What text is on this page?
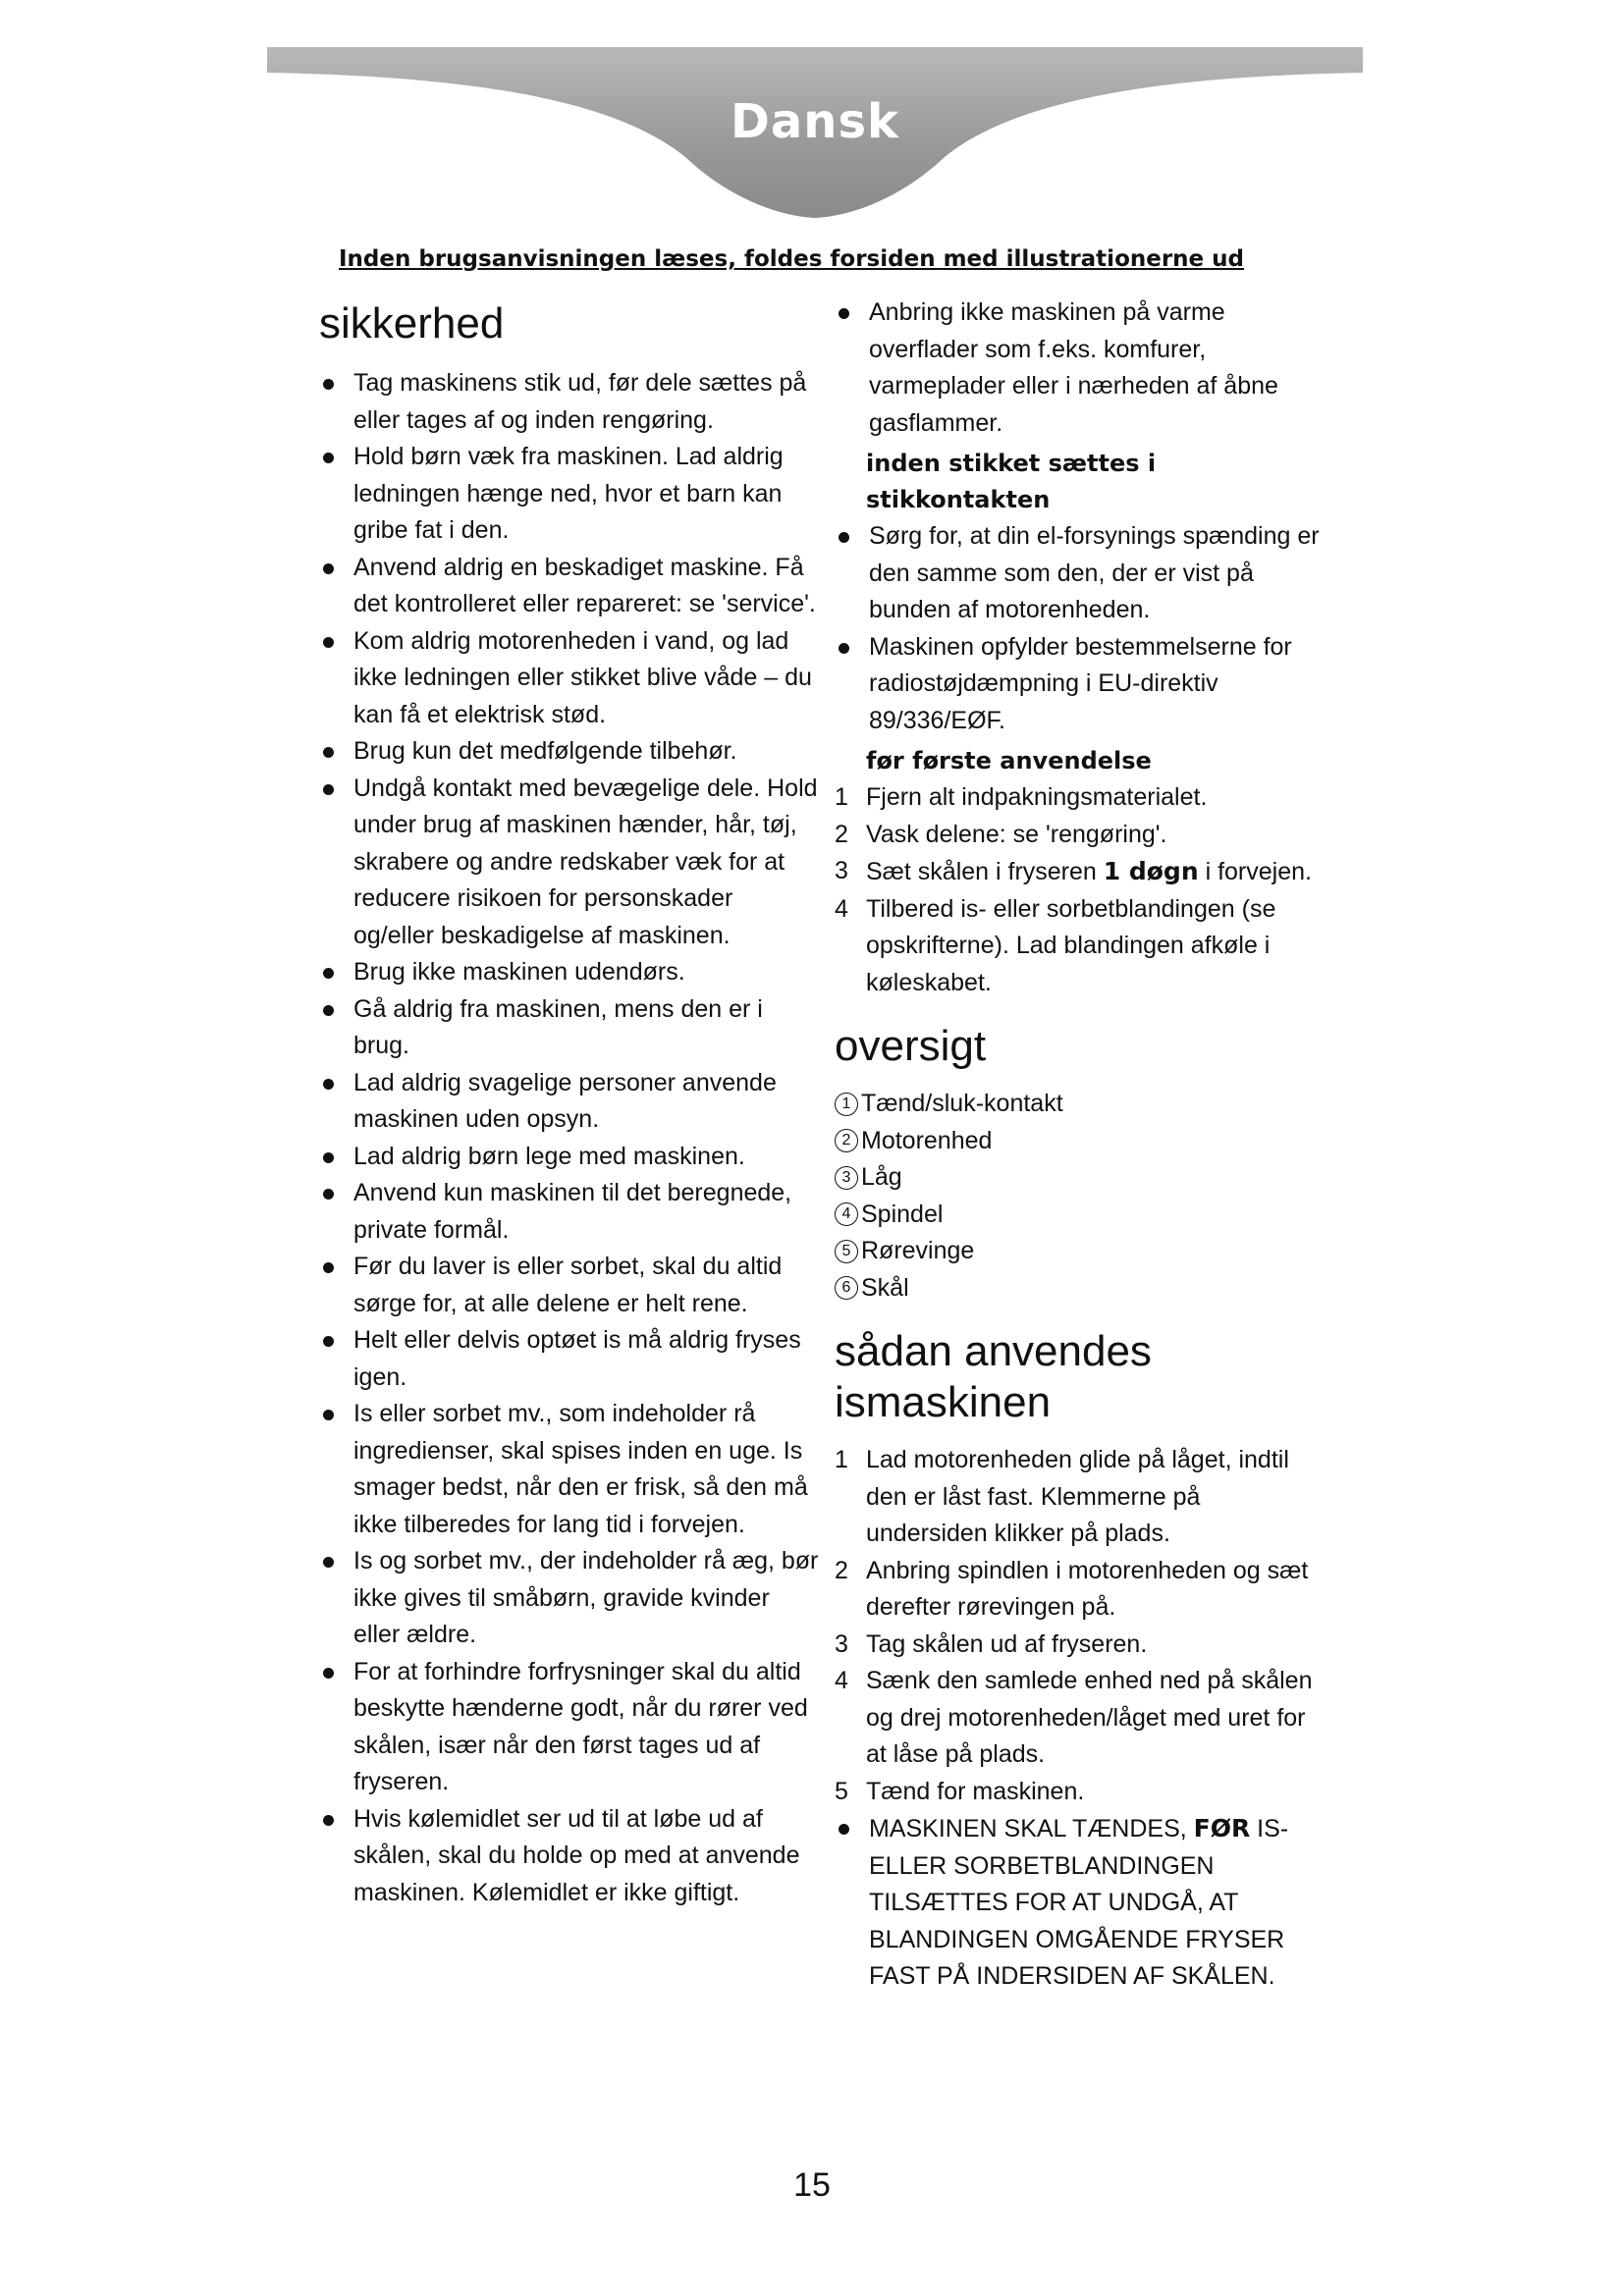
Dansk
Inden brugsanvisningen læses, foldes forsiden med illustrationerne ud
sikkerhed
Tag maskinens stik ud, før dele sættes på eller tages af og inden rengøring.
Hold børn væk fra maskinen. Lad aldrig ledningen hænge ned, hvor et barn kan gribe fat i den.
Anvend aldrig en beskadiget maskine. Få det kontrolleret eller repareret: se 'service'.
Kom aldrig motorenheden i vand, og lad ikke ledningen eller stikket blive våde – du kan få et elektrisk stød.
Brug kun det medfølgende tilbehør.
Undgå kontakt med bevægelige dele. Hold under brug af maskinen hænder, hår, tøj, skrabere og andre redskaber væk for at reducere risikoen for personskader og/eller beskadigelse af maskinen.
Brug ikke maskinen udendørs.
Gå aldrig fra maskinen, mens den er i brug.
Lad aldrig svagelige personer anvende maskinen uden opsyn.
Lad aldrig børn lege med maskinen.
Anvend kun maskinen til det beregnede, private formål.
Før du laver is eller sorbet, skal du altid sørge for, at alle delene er helt rene.
Helt eller delvis optøet is må aldrig fryses igen.
Is eller sorbet mv., som indeholder rå ingredienser, skal spises inden en uge. Is smager bedst, når den er frisk, så den må ikke tilberedes for lang tid i forvejen.
Is og sorbet mv., der indeholder rå æg, bør ikke gives til småbørn, gravide kvinder eller ældre.
For at forhindre forfrysninger skal du altid beskytte hænderne godt, når du rører ved skålen, især når den først tages ud af fryseren.
Hvis kølemidlet ser ud til at løbe ud af skålen, skal du holde op med at anvende maskinen. Kølemidlet er ikke giftigt.
Anbring ikke maskinen på varme overflader som f.eks. komfurer, varmeplader eller i nærheden af åbne gasflammer.
inden stikket sættes i stikkontakten
Sørg for, at din el-forsynings spænding er den samme som den, der er vist på bunden af motorenheden.
Maskinen opfylder bestemmelserne for radiostøjdæmpning i EU-direktiv 89/336/EØF.
før første anvendelse
1 Fjern alt indpakningsmaterialet.
2 Vask delene: se 'rengøring'.
3 Sæt skålen i fryseren 1 døgn i forvejen.
4 Tilbered is- eller sorbetblandingen (se opskrifterne). Lad blandingen afkøle i køleskabet.
oversigt
1 Tænd/sluk-kontakt
2 Motorenhed
3 Låg
4 Spindel
5 Rørevinge
6 Skål
sådan anvendes
ismaskinen
1 Lad motorenheden glide på låget, indtil den er låst fast. Klemmerne på undersiden klikker på plads.
2 Anbring spindlen i motorenheden og sæt derefter rørevingen på.
3 Tag skålen ud af fryseren.
4 Sænk den samlede enhed ned på skålen og drej motorenheden/låget med uret for at låse på plads.
5 Tænd for maskinen.
MASKINEN SKAL TÆNDES, FØR IS- ELLER SORBETBLANDINGEN TILSÆTTES FOR AT UNDGÅ, AT BLANDINGEN OMGÅENDE FRYSER FAST PÅ INDERSIDEN AF SKÅLEN.
15
